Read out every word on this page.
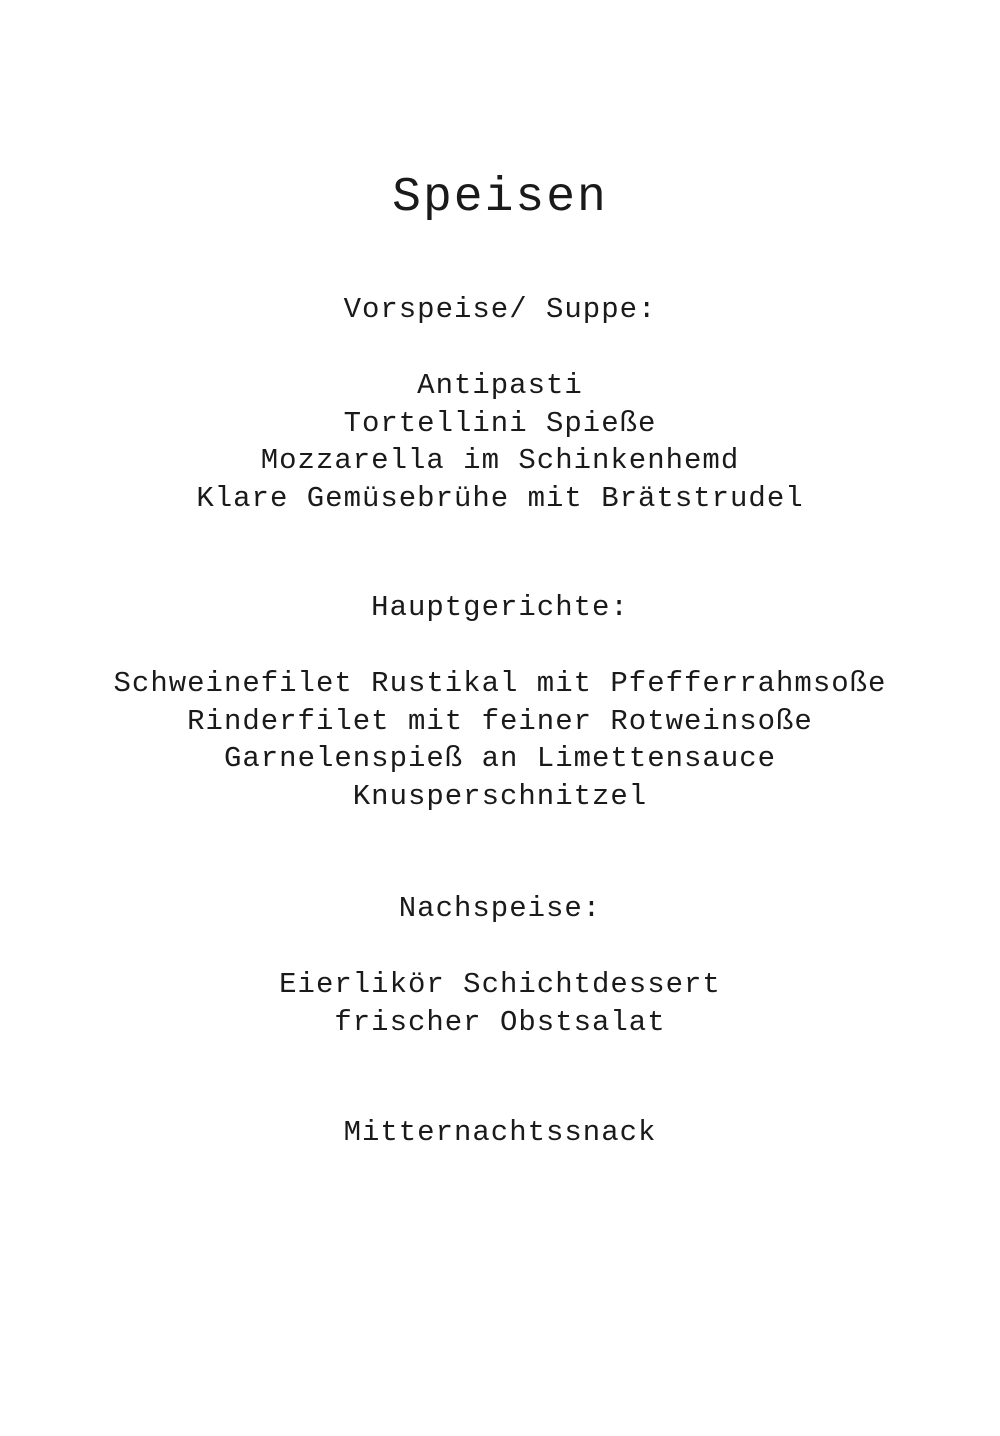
Speisen
Vorspeise/ Suppe:
Antipasti
Tortellini Spieße
Mozzarella im Schinkenhemd
Klare Gemüsebrühe mit Brätstrudel
Hauptgerichte:
Schweinefilet Rustikal mit Pfefferrahmsoße
Rinderfilet mit feiner Rotweinsoße
Garnelenspieß an Limettensauce
Knusperschnitzel
Nachspeise:
Eierlikör Schichtdessert
frischer Obstsalat
Mitternachtssnack
